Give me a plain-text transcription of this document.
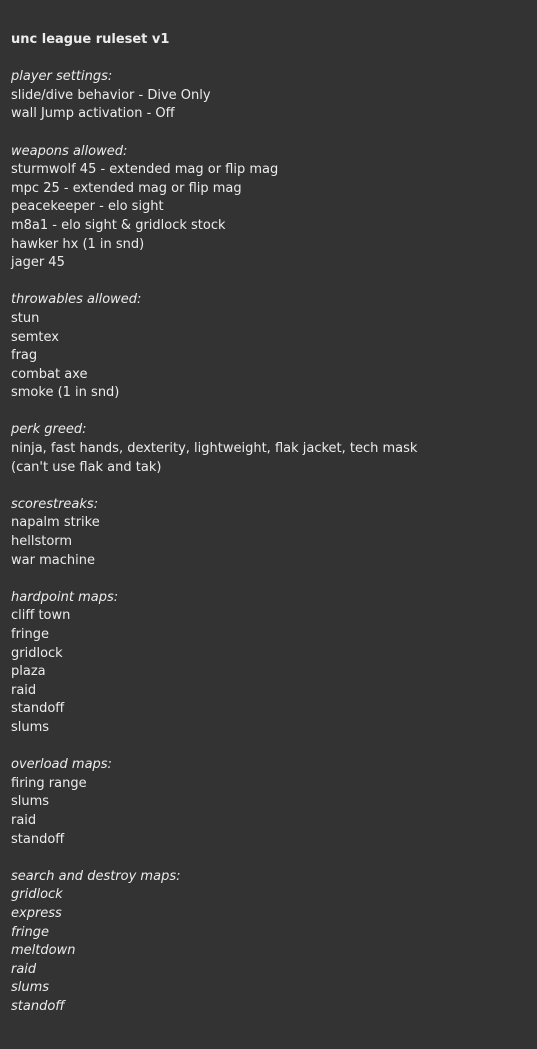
unc league ruleset v1
player settings:
slide/dive behavior - Dive Only
wall Jump activation - Off
weapons allowed:
sturmwolf 45 - extended mag or flip mag
mpc 25 - extended mag or flip mag
peacekeeper - elo sight
m8a1 - elo sight & gridlock stock
hawker hx (1 in snd)
jager 45
throwables allowed:
stun
semtex
frag
combat axe
smoke (1 in snd)
perk greed:
ninja, fast hands, dexterity, lightweight, flak jacket, tech mask
(can't use flak and tak)
scorestreaks:
napalm strike
hellstorm
war machine
hardpoint maps:
cliff town
fringe
gridlock
plaza
raid
standoff
slums
overload maps:
firing range
slums
raid
standoff
search and destroy maps:
gridlock
express
fringe
meltdown
raid
slums
standoff
